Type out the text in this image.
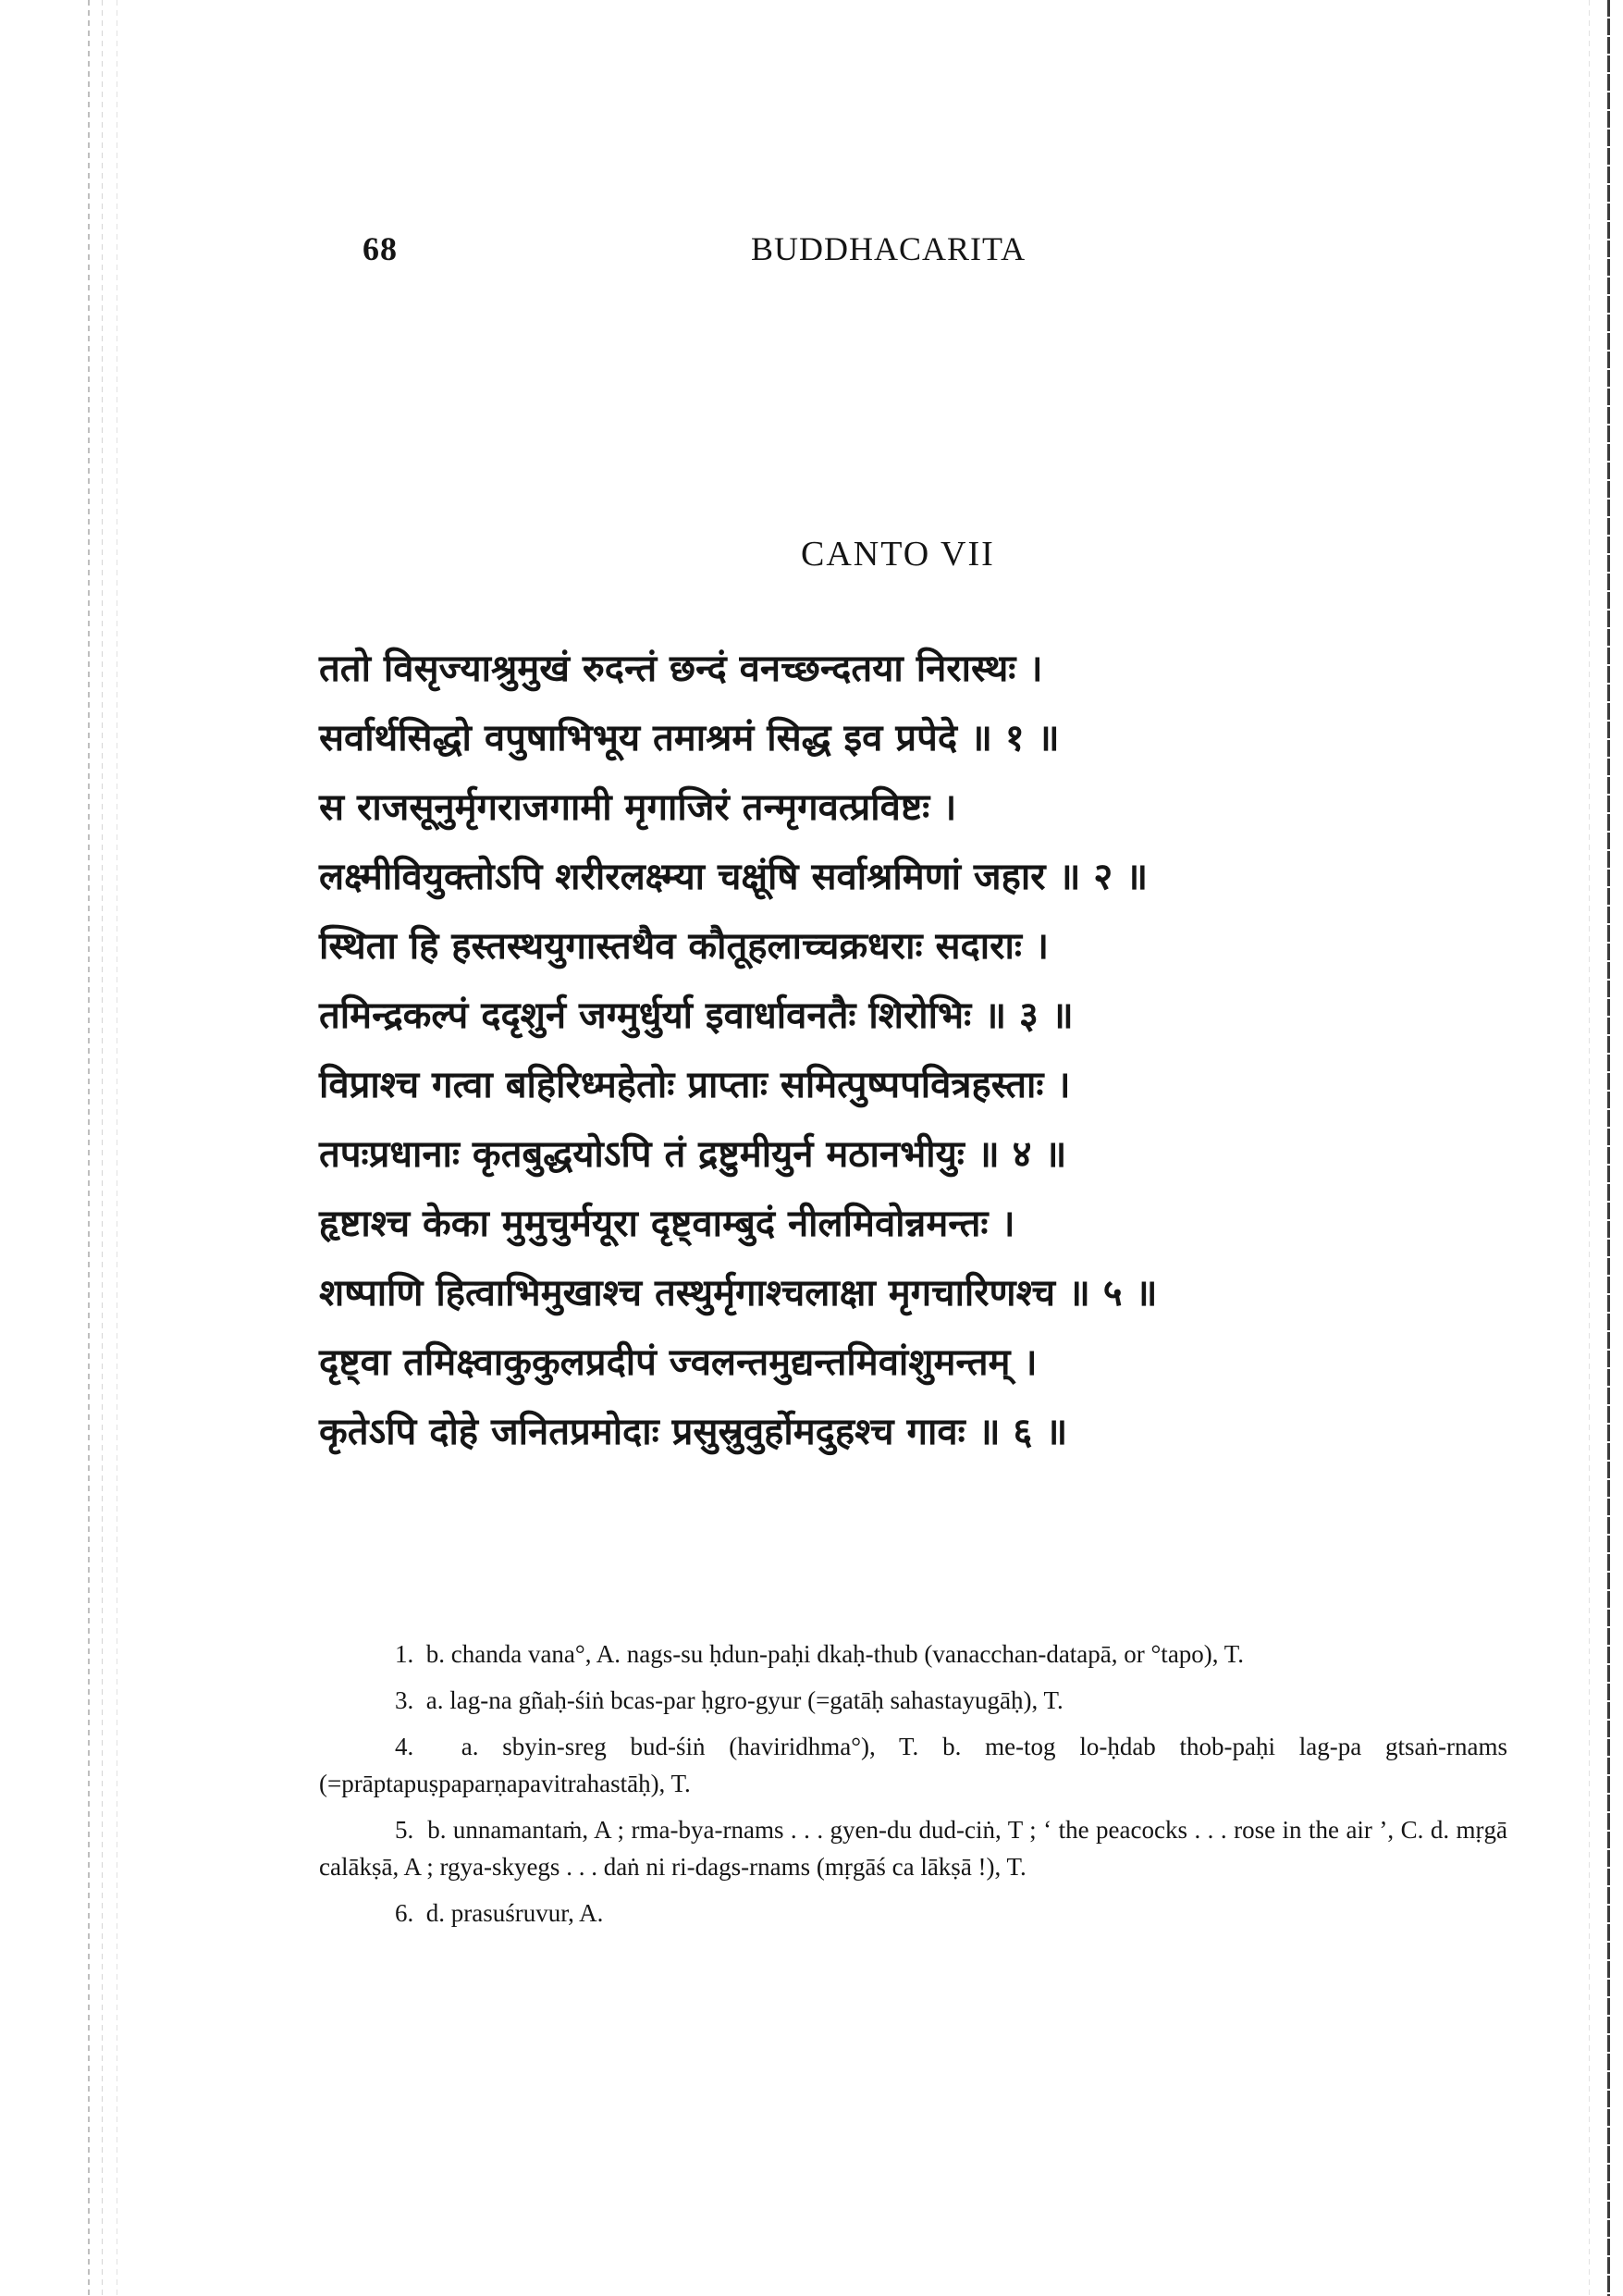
68	BUDDHACARITA
CANTO VII
ततो विसृज्याश्रुमुखं रुदन्तं छन्दं वनच्छन्दतया निरास्थः ।
सर्वार्थसिद्धो वपुषाभिभूय तमाश्रमं सिद्ध इव प्रपेदे ॥ १ ॥
स राजसूनुर्मृगराजगामी मृगाजिरं तन्मृगवत्प्रविष्टः ।
लक्ष्मीवियुक्तोऽपि शरीरलक्ष्म्या चक्षूंषि सर्वाश्रमिणां जहार ॥ २ ॥
स्थिता हि हस्तस्थयुगास्तथैव कौतूहलाच्चक्रधराः सदाराः ।
तमिन्द्रकल्पं ददृशुर्न जग्मुर्धुर्या इवार्धावनतैः शिरोभिः ॥ ३ ॥
विप्राश्च गत्वा बहिरिध्महेतोः प्राप्ताः समित्पुष्पपवित्रहस्ताः ।
तपःप्रधानाः कृतबुद्धयोऽपि तं द्रष्टुमीयुर्न मठानभीयुः ॥ ४ ॥
हृष्टाश्च केका मुमुचुर्मयूरा दृष्ट्वाम्बुदं नीलमिवोन्नमन्तः ।
शष्पाणि हित्वाभिमुखाश्च तस्थुर्मृगाश्चलाक्षा मृगचारिणश्च ॥ ५ ॥
दृष्ट्वा तमिक्ष्वाकुकुलप्रदीपं ज्वलन्तमुद्यन्तमिवांशुमन्तम् ।
कृतेऽपि दोहे जनितप्रमोदाः प्रसुस्रुवुर्होमदुहश्च गावः ॥ ६ ॥

1. b. chanda vana°, A. nags-su ḥdun-paḥi dkaḥ-thub (vanacchan-datapā, or °tapo), T.

3. a. lag-na gñaḥ-śiṅ bcas-par ḥgro-gyur (=gatāḥ sahastayugāḥ), T.

4. a. sbyin-sreg bud-śiṅ (haviridhma°), T. b. me-tog lo-ḥdab thob-paḥi lag-pa gtsaṅ-rnams (=prāptapuṣpaparṇapavitrahastāḥ), T.

5. b. unnamantaṁ, A ; rma-bya-rnams . . . gyen-du dud-ciṅ, T ; ‘ the peacocks . . . rose in the air ’, C. d. mṛgā calākṣā, A ; rgya-skyegs . . . daṅ ni ri-dags-rnams (mṛgāś ca lākṣā !), T.

6. d. prasuśruvur, A.
